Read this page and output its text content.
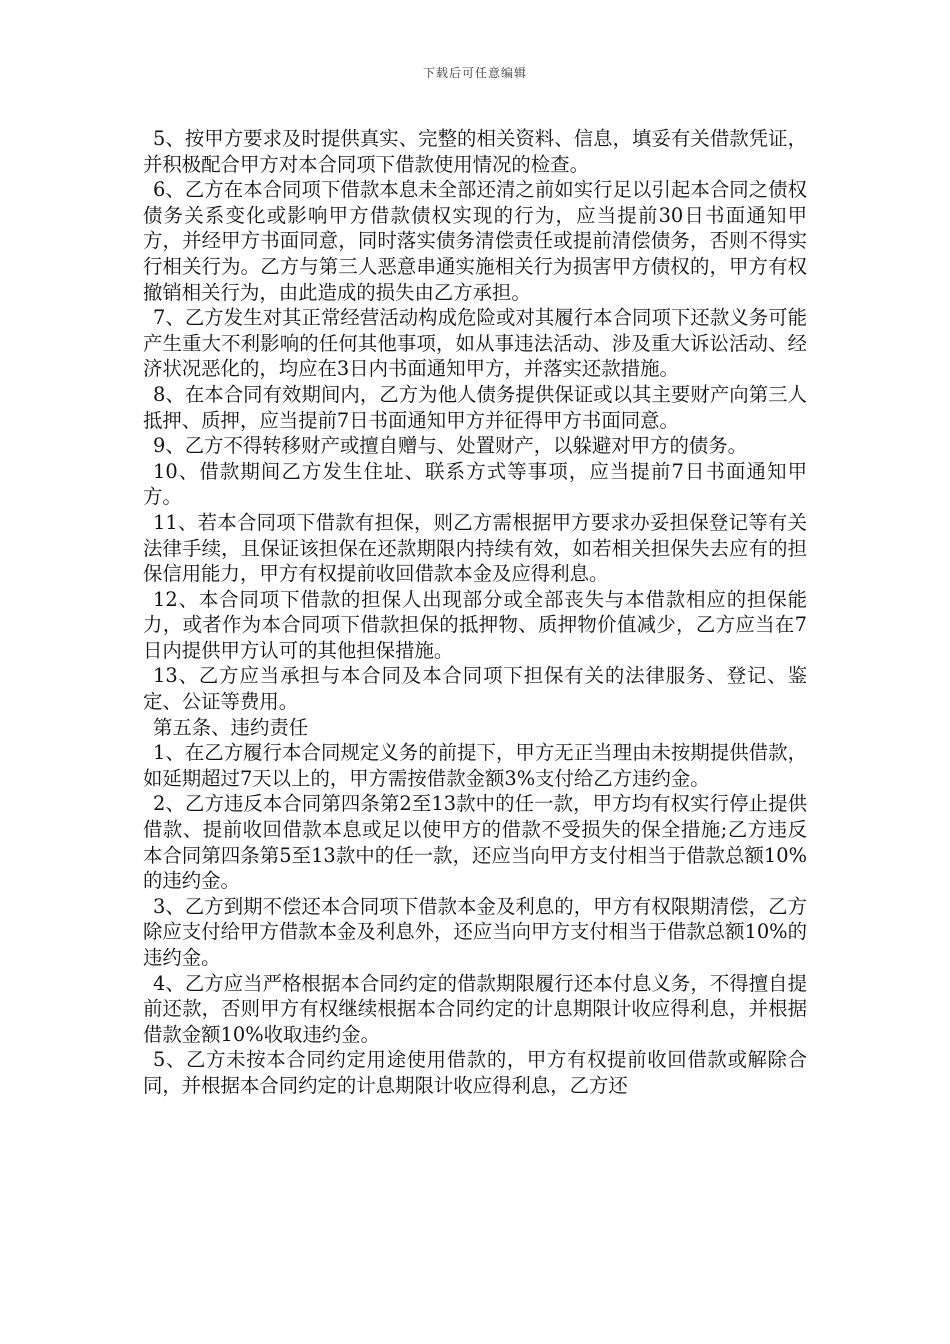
下载后可任意编辑

5、按甲方要求及时提供真实、完整的相关资料、信息，填妥有关借款凭证，并积极配合甲方对本合同项下借款使用情况的检查。

6、乙方在本合同项下借款本息未全部还清之前如实行足以引起本合同之债权债务关系变化或影响甲方借款债权实现的行为，应当提前30日书面通知甲方，并经甲方书面同意，同时落实债务清偿责任或提前清偿债务，否则不得实行相关行为。乙方与第三人恶意串通实施相关行为损害甲方债权的，甲方有权撤销相关行为，由此造成的损失由乙方承担。

7、乙方发生对其正常经营活动构成危险或对其履行本合同项下还款义务可能产生重大不利影响的任何其他事项，如从事违法活动、涉及重大诉讼活动、经济状况恶化的，均应在3日内书面通知甲方，并落实还款措施。

8、在本合同有效期间内，乙方为他人债务提供保证或以其主要财产向第三人抵押、质押，应当提前7日书面通知甲方并征得甲方书面同意。

9、乙方不得转移财产或擅自赠与、处置财产，以躲避对甲方的债务。

10、借款期间乙方发生住址、联系方式等事项，应当提前7日书面通知甲方。

11、若本合同项下借款有担保，则乙方需根据甲方要求办妥担保登记等有关法律手续，且保证该担保在还款期限内持续有效，如若相关担保失去应有的担保信用能力，甲方有权提前收回借款本金及应得利息。

12、本合同项下借款的担保人出现部分或全部丧失与本借款相应的担保能力，或者作为本合同项下借款担保的抵押物、质押物价值减少，乙方应当在7日内提供甲方认可的其他担保措施。

13、乙方应当承担与本合同及本合同项下担保有关的法律服务、登记、鉴定、公证等费用。

第五条、违约责任

1、在乙方履行本合同规定义务的前提下，甲方无正当理由未按期提供借款，如延期超过7天以上的，甲方需按借款金额3%支付给乙方违约金。

2、乙方违反本合同第四条第2至13款中的任一款，甲方均有权实行停止提供借款、提前收回借款本息或足以使甲方的借款不受损失的保全措施;乙方违反本合同第四条第5至13款中的任一款，还应当向甲方支付相当于借款总额10%的违约金。

3、乙方到期不偿还本合同项下借款本金及利息的，甲方有权限期清偿，乙方除应支付给甲方借款本金及利息外，还应当向甲方支付相当于借款总额10%的违约金。

4、乙方应当严格根据本合同约定的借款期限履行还本付息义务，不得擅自提前还款，否则甲方有权继续根据本合同约定的计息期限计收应得利息，并根据借款金额10%收取违约金。

5、乙方未按本合同约定用途使用借款的，甲方有权提前收回借款或解除合同，并根据本合同约定的计息期限计收应得利息，乙方还
